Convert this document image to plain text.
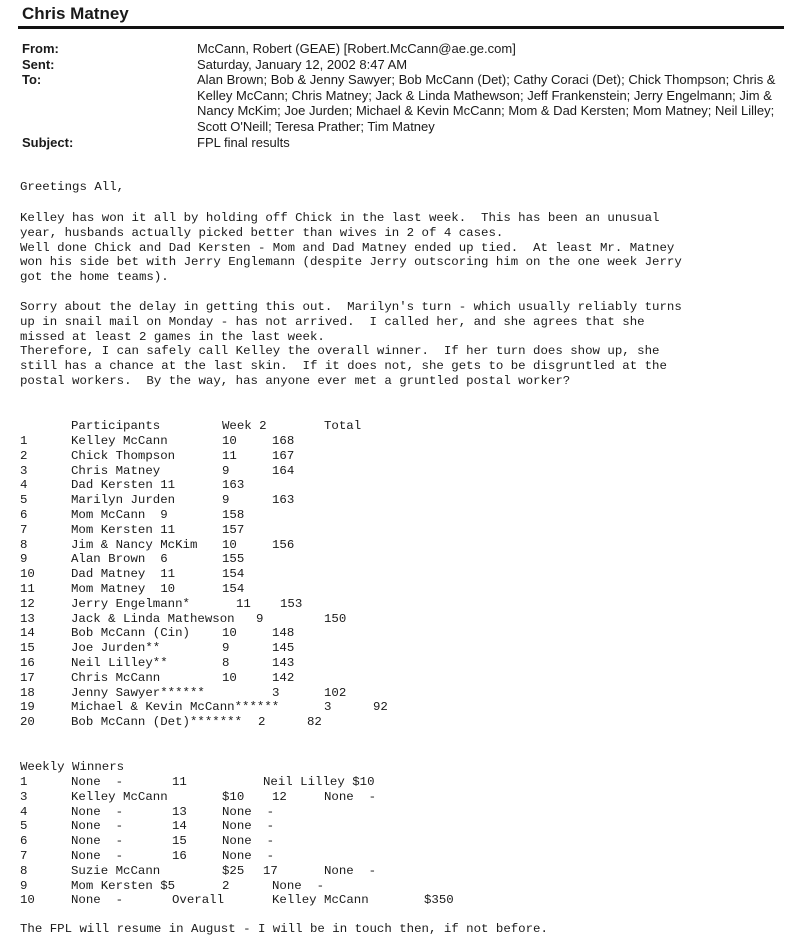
Chris Matney
From:	McCann, Robert (GEAE) [Robert.McCann@ae.ge.com]
Sent:	Saturday, January 12, 2002 8:47 AM
To:	Alan Brown; Bob & Jenny Sawyer; Bob McCann (Det); Cathy Coraci (Det); Chick Thompson; Chris & Kelley McCann; Chris Matney; Jack & Linda Mathewson; Jeff Frankenstein; Jerry Engelmann; Jim & Nancy McKim; Joe Jurden; Michael & Kevin McCann; Mom & Dad Kersten; Mom Matney; Neil Lilley; Scott O'Neill; Teresa Prather; Tim Matney
Subject:	FPL final results
Greetings All,
Kelley has won it all by holding off Chick in the last week.  This has been an unusual
year, husbands actually picked better than wives in 2 of 4 cases.
Well done Chick and Dad Kersten - Mom and Dad Matney ended up tied.  At least Mr. Matney
won his side bet with Jerry Englemann (despite Jerry outscoring him on the one week Jerry
got the home teams).
Sorry about the delay in getting this out.  Marilyn's turn - which usually reliably turns
up in snail mail on Monday - has not arrived.  I called her, and she agrees that she
missed at least 2 games in the last week.
Therefore, I can safely call Kelley the overall winner.  If her turn does show up, she
still has a chance at the last skin.  If it does not, she gets to be disgruntled at the
postal workers.  By the way, has anyone ever met a gruntled postal worker?
Participants	Week 2	Total
1	Kelley McCann	10	168
2	Chick Thompson	11	167
3	Chris Matney	9	164
4	Dad Kersten 11	163
5	Marilyn Jurden	9	163
6	Mom McCann  9	158
7	Mom Kersten 11	157
8	Jim & Nancy McKim 10	156
9	Alan Brown  6	155
10	Dad Matney  11	154
11	Mom Matney  10	154
12	Jerry Engelmann*	11 153
13	Jack & Linda Mathewson 9	150
14	Bob McCann (Cin)	10	148
15	Joe Jurden**	9	145
16	Neil Lilley**	8	143
17	Chris McCann	10	142
18	Jenny Sawyer******	3	102
19	Michael & Kevin McCann******	3	92
20	Bob McCann (Det)******* 2	82
Weekly Winners
1	None  -	11	Neil Lilley $10
3	Kelley McCann	$10 12	None  -
4	None  -	13	None  -
5	None  -	14	None  -
6	None  -	15	None  -
7	None  -	16	None  -
8	Suzie McCann	$25 17	None  -
9	Mom Kersten $5	2	None  -
10	None  -	Overall	Kelley McCann	$350
The FPL will resume in August - I will be in touch then, if not before.
